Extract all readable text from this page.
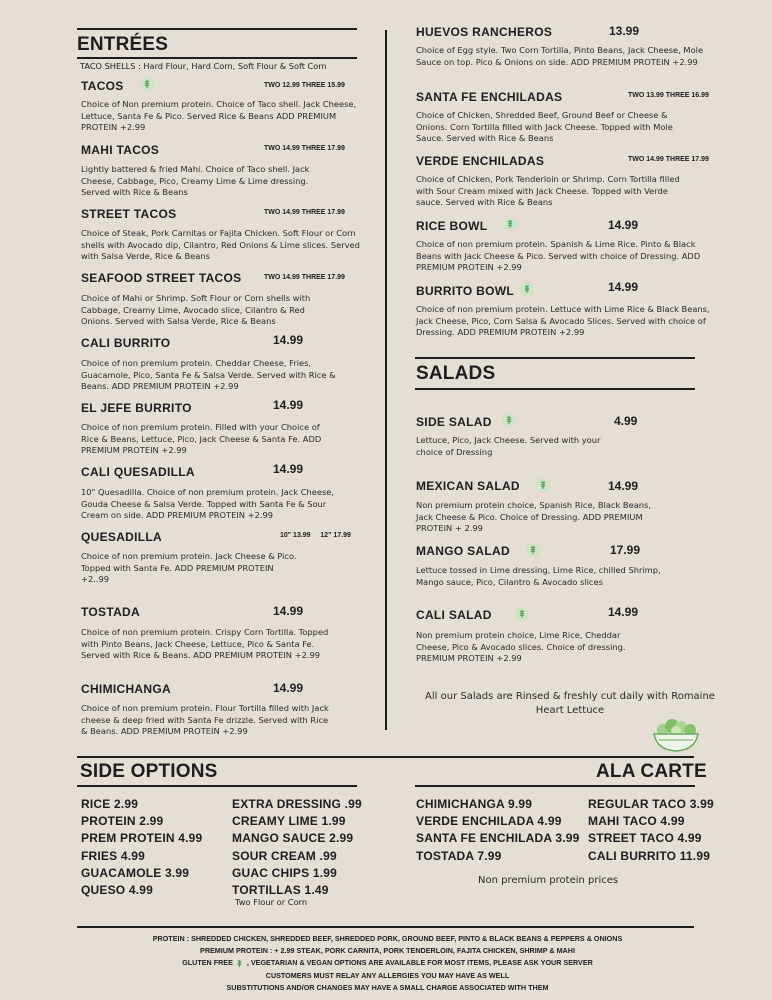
ENTRÉES
TACO SHELLS : Hard Flour, Hard Corn, Soft Flour & Soft Corn
TACOS	TWO 12.99 THREE 15.99
Choice of Non premium protein. Choice of Taco shell. Jack Cheese, Lettuce, Santa Fe & Pico. Served Rice & Beans ADD PREMIUM PROTEIN +2.99
MAHI TACOS	TWO 14.99 THREE 17.99
Lightly battered & fried Mahi. Choice of Taco shell. Jack Cheese, Cabbage, Pico, Creamy Lime & Lime dressing. Served with Rice & Beans
STREET TACOS	TWO 14.99 THREE 17.99
Choice of Steak, Pork Carnitas or Fajita Chicken. Soft Flour or Corn shells with Avocado dip, Cilantro, Red Onions & Lime slices. Served with Salsa Verde, Rice & Beans
SEAFOOD STREET TACOS	TWO 14.99 THREE 17.99
Choice of Mahi or Shrimp. Soft Flour or Corn shells with Cabbage, Creamy Lime, Avocado slice, Cilantro & Red Onions. Served with Salsa Verde, Rice & Beans
CALI BURRITO	14.99
Choice of non premium protein. Cheddar Cheese, Fries, Guacamole, Pico, Santa Fe & Salsa Verde. Served with Rice & Beans. ADD PREMIUM PROTEIN +2.99
EL JEFE BURRITO	14.99
Choice of non premium protein. Filled with your Choice of Rice & Beans, Lettuce, Pico, Jack Cheese & Santa Fe. ADD PREMIUM PROTEIN +2.99
CALI QUESADILLA	14.99
10" Quesadilla. Choice of non premium protein. Jack Cheese, Gouda Cheese & Salsa Verde. Topped with Santa Fe & Sour Cream on side. ADD PREMIUM PROTEIN +2.99
QUESADILLA	10" 13.99     12" 17.99
Choice of non premium protein. Jack Cheese & Pico. Topped with Santa Fe. ADD PREMIUM PROTEIN +2..99
TOSTADA	14.99
Choice of non premium protein. Crispy Corn Tortilla. Topped with Pinto Beans, Jack Cheese, Lettuce, Pico & Santa Fe. Served with Rice & Beans. ADD PREMIUM PROTEIN +2.99
CHIMICHANGA	14.99
Choice of non premium protein. Flour Tortilla filled with Jack cheese & deep fried with Santa Fe drizzle. Served with Rice & Beans. ADD PREMIUM PROTEIN +2.99
HUEVOS RANCHEROS	13.99
Choice of Egg style. Two Corn Tortilla, Pinto Beans, Jack Cheese, Mole Sauce on top. Pico & Onions on side. ADD PREMIUM PROTEIN +2.99
SANTA FE ENCHILADAS	TWO 13.99 THREE 16.99
Choice of Chicken, Shredded Beef, Ground Beef or Cheese & Onions. Corn Tortilla filled with Jack Cheese. Topped with Mole Sauce. Served with Rice & Beans
VERDE ENCHILADAS	TWO 14.99 THREE 17.99
Choice of Chicken, Pork Tenderloin or Shrimp. Corn Tortilla filled with Sour Cream mixed with Jack Cheese. Topped with Verde sauce. Served with Rice & Beans
RICE BOWL	14.99
Choice of non premium protein. Spanish & Lime Rice. Pinto & Black Beans with Jack Cheese & Pico. Served with choice of Dressing. ADD PREMIUM PROTEIN +2.99
BURRITO BOWL	14.99
Choice of non premium protein. Lettuce with Lime Rice & Black Beans, Jack Cheese, Pico, Corn Salsa & Avocado Slices. Served with choice of Dressing. ADD PREMIUM PROTEIN +2.99
SALADS
SIDE SALAD	4.99
Lettuce, Pico, Jack Cheese. Served with your choice of Dressing
MEXICAN SALAD	14.99
Non premium protein choice, Spanish Rice, Black Beans, Jack Cheese & Pico. Choice of Dressing. ADD PREMIUM PROTEIN + 2.99
MANGO SALAD	17.99
Lettuce tossed in Lime dressing, Lime Rice, chilled Shrimp, Mango sauce, Pico, Cilantro & Avocado slices
CALI SALAD	14.99
Non premium protein choice, Lime Rice, Cheddar Cheese, Pico & Avocado slices. Choice of dressing. PREMIUM PROTEIN +2.99
All our Salads are Rinsed & freshly cut daily with Romaine Heart Lettuce
SIDE OPTIONS
RICE 2.99
PROTEIN 2.99
PREM PROTEIN 4.99
FRIES 4.99
GUACAMOLE 3.99
QUESO 4.99
EXTRA DRESSING .99
CREAMY LIME 1.99
MANGO SAUCE 2.99
SOUR CREAM .99
GUAC CHIPS 1.99
TORTILLAS 1.49
Two Flour or Corn
ALA CARTE
CHIMICHANGA 9.99
VERDE ENCHILADA 4.99
SANTA FE ENCHILADA 3.99
TOSTADA 7.99
REGULAR TACO 3.99
MAHI TACO 4.99
STREET TACO 4.99
CALI BURRITO 11.99
Non premium protein prices
PROTEIN : SHREDDED CHICKEN, SHREDDED BEEF, SHREDDED PORK, GROUND BEEF, PINTO & BLACK BEANS & PEPPERS & ONIONS
PREMIUM PROTEIN : + 2.99 STEAK, PORK CARNITA, PORK TENDERLOIN, FAJITA CHICKEN, SHRIMP & MAHI
GLUTEN FREE , VEGETARIAN & VEGAN OPTIONS ARE AVAILABLE FOR MOST ITEMS, PLEASE ASK YOUR SERVER
CUSTOMERS MUST RELAY ANY ALLERGIES YOU MAY HAVE AS WELL
SUBSTITUTIONS AND/OR CHANGES MAY HAVE A SMALL CHARGE ASSOCIATED WITH THEM
